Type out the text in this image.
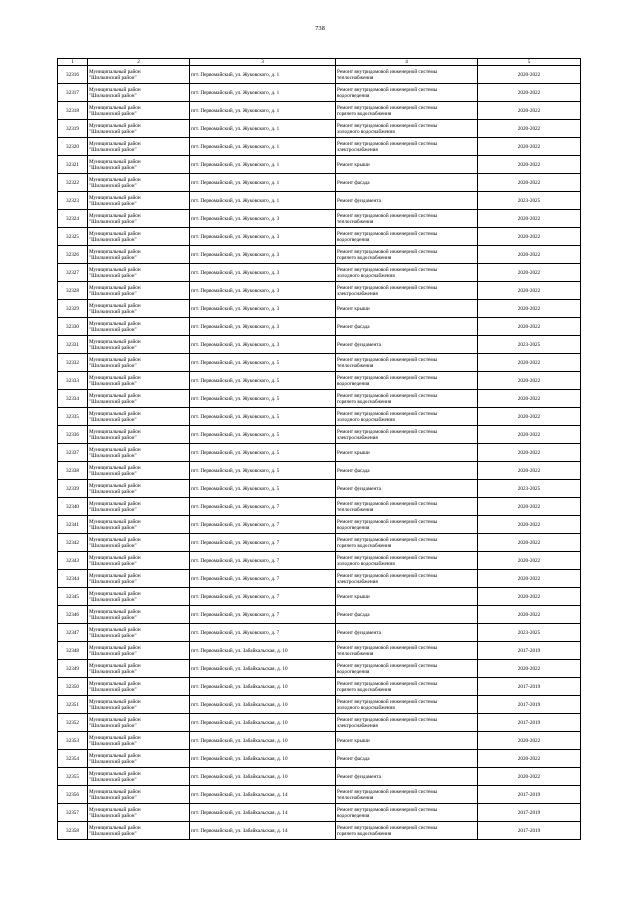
738
1	2	3	4	5
32316	Муниципальный район
"Шилкинский район"	пгт. Первомайский, ул. Жуковского, д. 1	Ремонт внутридомовой инженерной системы
теплоснабжения	2020-2022
32317	Муниципальный район
"Шилкинский район"	пгт. Первомайский, ул. Жуковского, д. 1	Ремонт внутридомовой инженерной системы
водоотведения	2020-2022
32318	Муниципальный район
"Шилкинский район"	пгт. Первомайский, ул. Жуковского, д. 1	Ремонт внутридомовой инженерной системы
горячего водоснабжения	2020-2022
32319	Муниципальный район
"Шилкинский район"	пгт. Первомайский, ул. Жуковского, д. 1	Ремонт внутридомовой инженерной системы
холодного водоснабжения	2020-2022
32320	Муниципальный район
"Шилкинский район"	пгт. Первомайский, ул. Жуковского, д. 1	Ремонт внутридомовой инженерной системы
электроснабжения	2020-2022
32321	Муниципальный район
"Шилкинский район"	пгт. Первомайский, ул. Жуковского, д. 1	Ремонт крыши	2020-2022
32322	Муниципальный район
"Шилкинский район"	пгт. Первомайский, ул. Жуковского, д. 1	Ремонт фасада	2020-2022
32323	Муниципальный район
"Шилкинский район"	пгт. Первомайский, ул. Жуковского, д. 1	Ремонт фундамента	2023-2025
32324	Муниципальный район
"Шилкинский район"	пгт. Первомайский, ул. Жуковского, д. 3	Ремонт внутридомовой инженерной системы
теплоснабжения	2020-2022
32325	Муниципальный район
"Шилкинский район"	пгт. Первомайский, ул. Жуковского, д. 3	Ремонт внутридомовой инженерной системы
водоотведения	2020-2022
32326	Муниципальный район
"Шилкинский район"	пгт. Первомайский, ул. Жуковского, д. 3	Ремонт внутридомовой инженерной системы
горячего водоснабжения	2020-2022
32327	Муниципальный район
"Шилкинский район"	пгт. Первомайский, ул. Жуковского, д. 3	Ремонт внутридомовой инженерной системы
холодного водоснабжения	2020-2022
32328	Муниципальный район
"Шилкинский район"	пгт. Первомайский, ул. Жуковского, д. 3	Ремонт внутридомовой инженерной системы
электроснабжения	2020-2022
32329	Муниципальный район
"Шилкинский район"	пгт. Первомайский, ул. Жуковского, д. 3	Ремонт крыши	2020-2022
32330	Муниципальный район
"Шилкинский район"	пгт. Первомайский, ул. Жуковского, д. 3	Ремонт фасада	2020-2022
32331	Муниципальный район
"Шилкинский район"	пгт. Первомайский, ул. Жуковского, д. 3	Ремонт фундамента	2023-2025
32332	Муниципальный район
"Шилкинский район"	пгт. Первомайский, ул. Жуковского, д. 5	Ремонт внутридомовой инженерной системы
теплоснабжения	2020-2022
32333	Муниципальный район
"Шилкинский район"	пгт. Первомайский, ул. Жуковского, д. 5	Ремонт внутридомовой инженерной системы
водоотведения	2020-2022
32334	Муниципальный район
"Шилкинский район"	пгт. Первомайский, ул. Жуковского, д. 5	Ремонт внутридомовой инженерной системы
горячего водоснабжения	2020-2022
32335	Муниципальный район
"Шилкинский район"	пгт. Первомайский, ул. Жуковского, д. 5	Ремонт внутридомовой инженерной системы
холодного водоснабжения	2020-2022
32336	Муниципальный район
"Шилкинский район"	пгт. Первомайский, ул. Жуковского, д. 5	Ремонт внутридомовой инженерной системы
электроснабжения	2020-2022
32337	Муниципальный район
"Шилкинский район"	пгт. Первомайский, ул. Жуковского, д. 5	Ремонт крыши	2020-2022
32338	Муниципальный район
"Шилкинский район"	пгт. Первомайский, ул. Жуковского, д. 5	Ремонт фасада	2020-2022
32339	Муниципальный район
"Шилкинский район"	пгт. Первомайский, ул. Жуковского, д. 5	Ремонт фундамента	2023-2025
32340	Муниципальный район
"Шилкинский район"	пгт. Первомайский, ул. Жуковского, д. 7	Ремонт внутридомовой инженерной системы
теплоснабжения	2020-2022
32341	Муниципальный район
"Шилкинский район"	пгт. Первомайский, ул. Жуковского, д. 7	Ремонт внутридомовой инженерной системы
водоотведения	2020-2022
32342	Муниципальный район
"Шилкинский район"	пгт. Первомайский, ул. Жуковского, д. 7	Ремонт внутридомовой инженерной системы
горячего водоснабжения	2020-2022
32343	Муниципальный район
"Шилкинский район"	пгт. Первомайский, ул. Жуковского, д. 7	Ремонт внутридомовой инженерной системы
холодного водоснабжения	2020-2022
32344	Муниципальный район
"Шилкинский район"	пгт. Первомайский, ул. Жуковского, д. 7	Ремонт внутридомовой инженерной системы
электроснабжения	2020-2022
32345	Муниципальный район
"Шилкинский район"	пгт. Первомайский, ул. Жуковского, д. 7	Ремонт крыши	2020-2022
32346	Муниципальный район
"Шилкинский район"	пгт. Первомайский, ул. Жуковского, д. 7	Ремонт фасада	2020-2022
32347	Муниципальный район
"Шилкинский район"	пгт. Первомайский, ул. Жуковского, д. 7	Ремонт фундамента	2023-2025
32348	Муниципальный район
"Шилкинский район"	пгт. Первомайский, ул. Забайкальская, д. 10	Ремонт внутридомовой инженерной системы
теплоснабжения	2017-2019
32349	Муниципальный район
"Шилкинский район"	пгт. Первомайский, ул. Забайкальская, д. 10	Ремонт внутридомовой инженерной системы
водоотведения	2020-2022
32350	Муниципальный район
"Шилкинский район"	пгт. Первомайский, ул. Забайкальская, д. 10	Ремонт внутридомовой инженерной системы
горячего водоснабжения	2017-2019
32351	Муниципальный район
"Шилкинский район"	пгт. Первомайский, ул. Забайкальская, д. 10	Ремонт внутридомовой инженерной системы
холодного водоснабжения	2017-2019
32352	Муниципальный район
"Шилкинский район"	пгт. Первомайский, ул. Забайкальская, д. 10	Ремонт внутридомовой инженерной системы
электроснабжения	2017-2019
32353	Муниципальный район
"Шилкинский район"	пгт. Первомайский, ул. Забайкальская, д. 10	Ремонт крыши	2020-2022
32354	Муниципальный район
"Шилкинский район"	пгт. Первомайский, ул. Забайкальская, д. 10	Ремонт фасада	2020-2022
32355	Муниципальный район
"Шилкинский район"	пгт. Первомайский, ул. Забайкальская, д. 10	Ремонт фундамента	2020-2022
32356	Муниципальный район
"Шилкинский район"	пгт. Первомайский, ул. Забайкальская, д. 14	Ремонт внутридомовой инженерной системы
теплоснабжения	2017-2019
32357	Муниципальный район
"Шилкинский район"	пгт. Первомайский, ул. Забайкальская, д. 14	Ремонт внутридомовой инженерной системы
водоотведения	2017-2019
32358	Муниципальный район
"Шилкинский район"	пгт. Первомайский, ул. Забайкальская, д. 14	Ремонт внутридомовой инженерной системы
горячего водоснабжения	2017-2019
